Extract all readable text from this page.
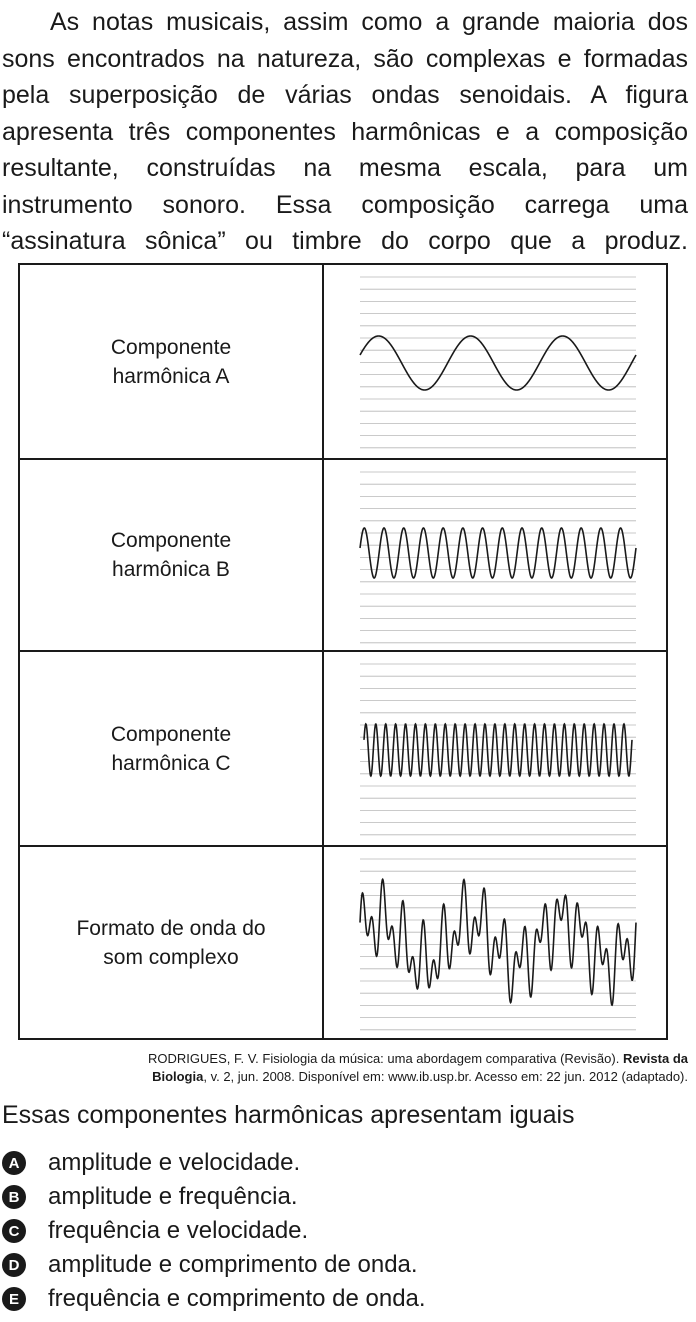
As notas musicais, assim como a grande maioria dos sons encontrados na natureza, são complexas e formadas pela superposição de várias ondas senoidais. A figura apresenta três componentes harmônicas e a composição resultante, construídas na mesma escala, para um instrumento sonoro. Essa composição carrega uma “assinatura sônica” ou timbre do corpo que a produz.

Componente
harmônica A
Componente
harmônica B
Componente
harmônica C
Formato de onda do
som complexo
RODRIGUES, F. V. Fisiologia da música: uma abordagem comparativa (Revisão). Revista da
Biologia, v. 2, jun. 2008. Disponível em: www.ib.usp.br. Acesso em: 22 jun. 2012 (adaptado).
Essas componentes harmônicas apresentam iguais
A amplitude e velocidade.
B amplitude e frequência.
C frequência e velocidade.
D amplitude e comprimento de onda.
E frequência e comprimento de onda.
